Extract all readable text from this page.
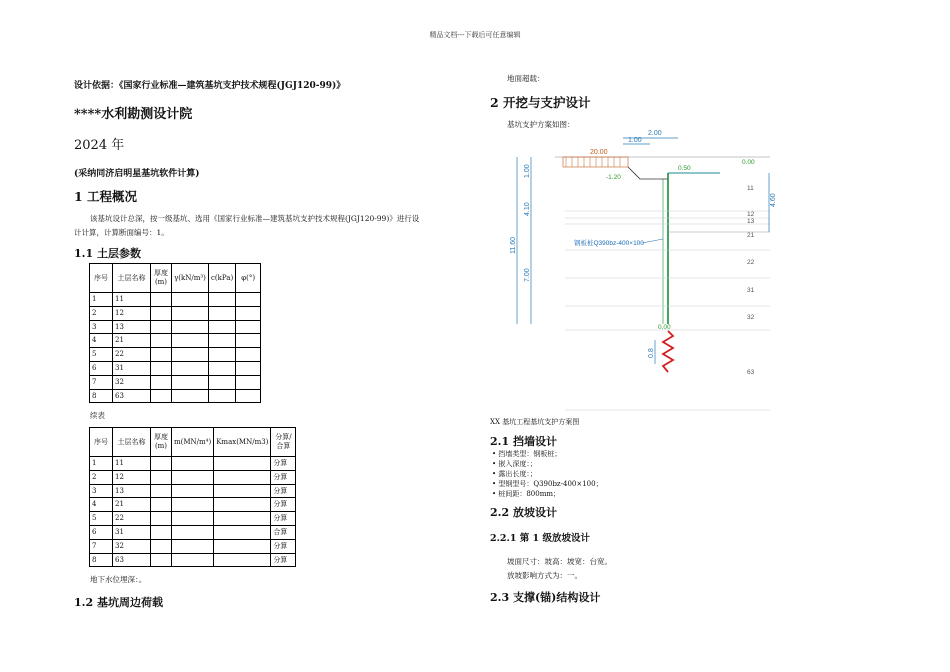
精品文档---下载后可任意编辑
设计依据：《国家行业标准—建筑基坑支护技术规程(JGJ120-99)》
****水利勘测设计院
2024 年
(采纳同济启明星基坑软件计算)
1 工程概况
该基坑设计总深，按一级基坑、选用《国家行业标准—建筑基坑支护技术规程(JGJ120-99)》进行设
计计算，计算断面编号：1。
1.1 土层参数
序号	土层名称	厚度(m)	γ(kN/m³)	c(kPa)	φ(°)
1	11				
2	12				
3	13				
4	21				
5	22				
6	31				
7	32				
8	63				
续表
序号	土层名称	厚度(m)	m(MN/m⁴)	Kmax(MN/m3)	分算/合算
1	11				分算
2	12				分算
3	13				分算
4	21				分算
5	22				分算
6	31				合算
7	32				分算
8	63				分算
地下水位埋深：。
1.2 基坑周边荷载
地面超载：
2 开挖与支护设计
基坑支护方案如图：
2.00
1.00
20.00
0.50
0.00
-1.20
钢板桩Q390bz-400×100
0.00
11
12
13
21
22
31
32
63
11.60
1.00
4.10
7.00
4.60
0.8
XX 基坑工程基坑支护方案图
2.1 挡墙设计
• 挡墙类型：钢板桩；
• 嵌入深度：；
• 露出长度：；
• 型钢型号：Q390bz-400×100；
• 桩间距：800mm；
2.2 放坡设计
2.2.1 第 1 级放坡设计
坡面尺寸：坡高：坡宽：台宽。
放坡影响方式为：一。
2.3 支撑(锚)结构设计
